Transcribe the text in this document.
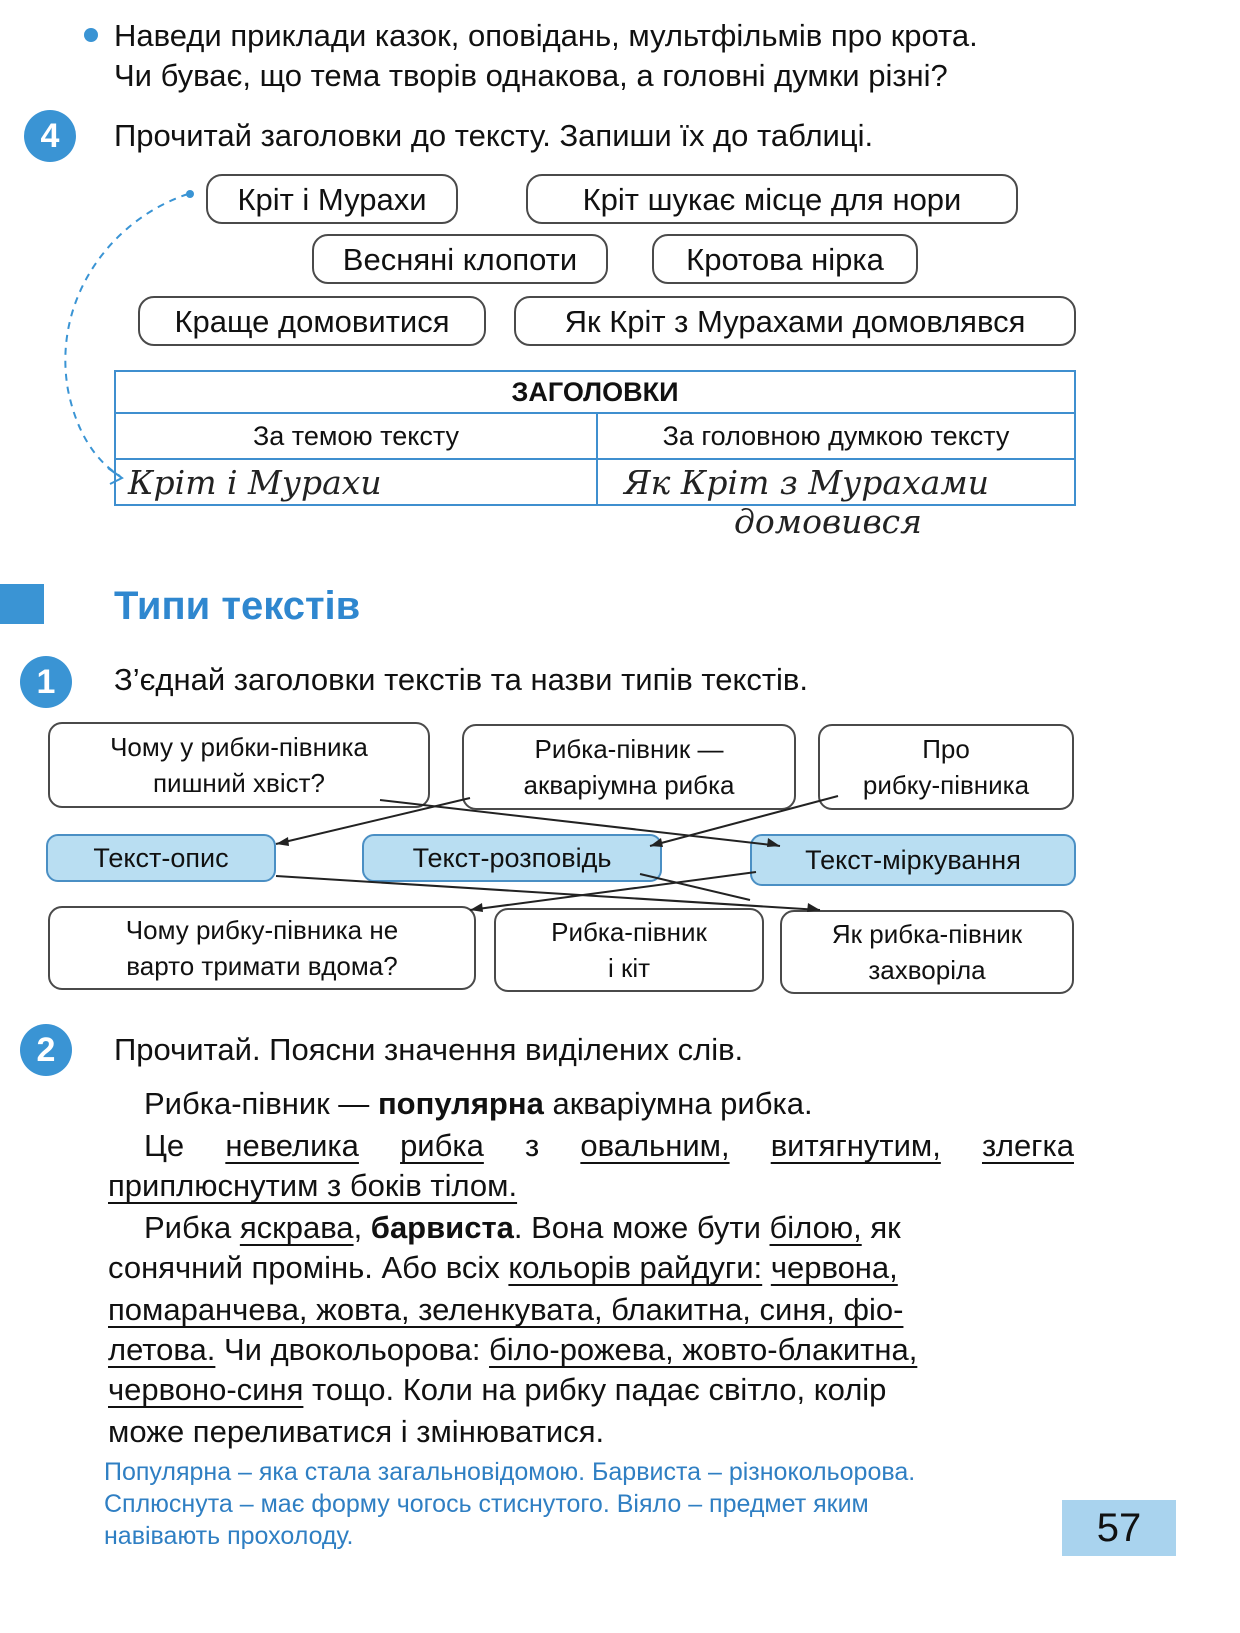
Наведи приклади казок, оповідань, мультфільмів про крота.
Чи буває, що тема творів однакова, а головні думки різні?
4	Прочитай заголовки до тексту. Запиши їх до таблиці.
Кріт і Мурахи	Кріт шукає місце для нори
Весняні клопоти	Кротова нірка
Краще домовитися	Як Кріт з Мурахами домовлявся
ЗАГОЛОВКИ	
За темою тексту	За головною думкою тексту
Кріт і Мурахи	Як Кріт з Мурахами
домовився
Типи текстів
1	З’єднай заголовки текстів та назви типів текстів.
Чому у рибки-півника
пишний хвіст?
Рибка-півник —
акваріумна рибка
Про
рибку-півника
Текст-опис	Текст-розповідь	Текст-міркування
Чому рибку-півника не
варто тримати вдома?
Рибка-півник
і кіт
Як рибка-півник
захворіла
2	Прочитай. Поясни значення виділених слів.
Рибка-півник — популярна акваріумна рибка.
Це невелика рибка з овальним, витягнутим, злегка
приплюснутим з боків тілом.
Рибка яскрава, барвиста. Вона може бути білою, як
сонячний промінь. Або всіх кольорів райдуги: червона,
помаранчева, жовта, зеленкувата, блакитна, синя, фіо-
летова. Чи двокольорова: біло-рожева, жовто-блакитна,
червоно-синя тощо. Коли на рибку падає світло, колір
може переливатися і змінюватися.
Популярна – яка стала загальновідомою. Барвиста – різнокольорова.
Сплюснута – має форму чогось стиснутого. Віяло – предмет яким
навівають прохолоду.	57
